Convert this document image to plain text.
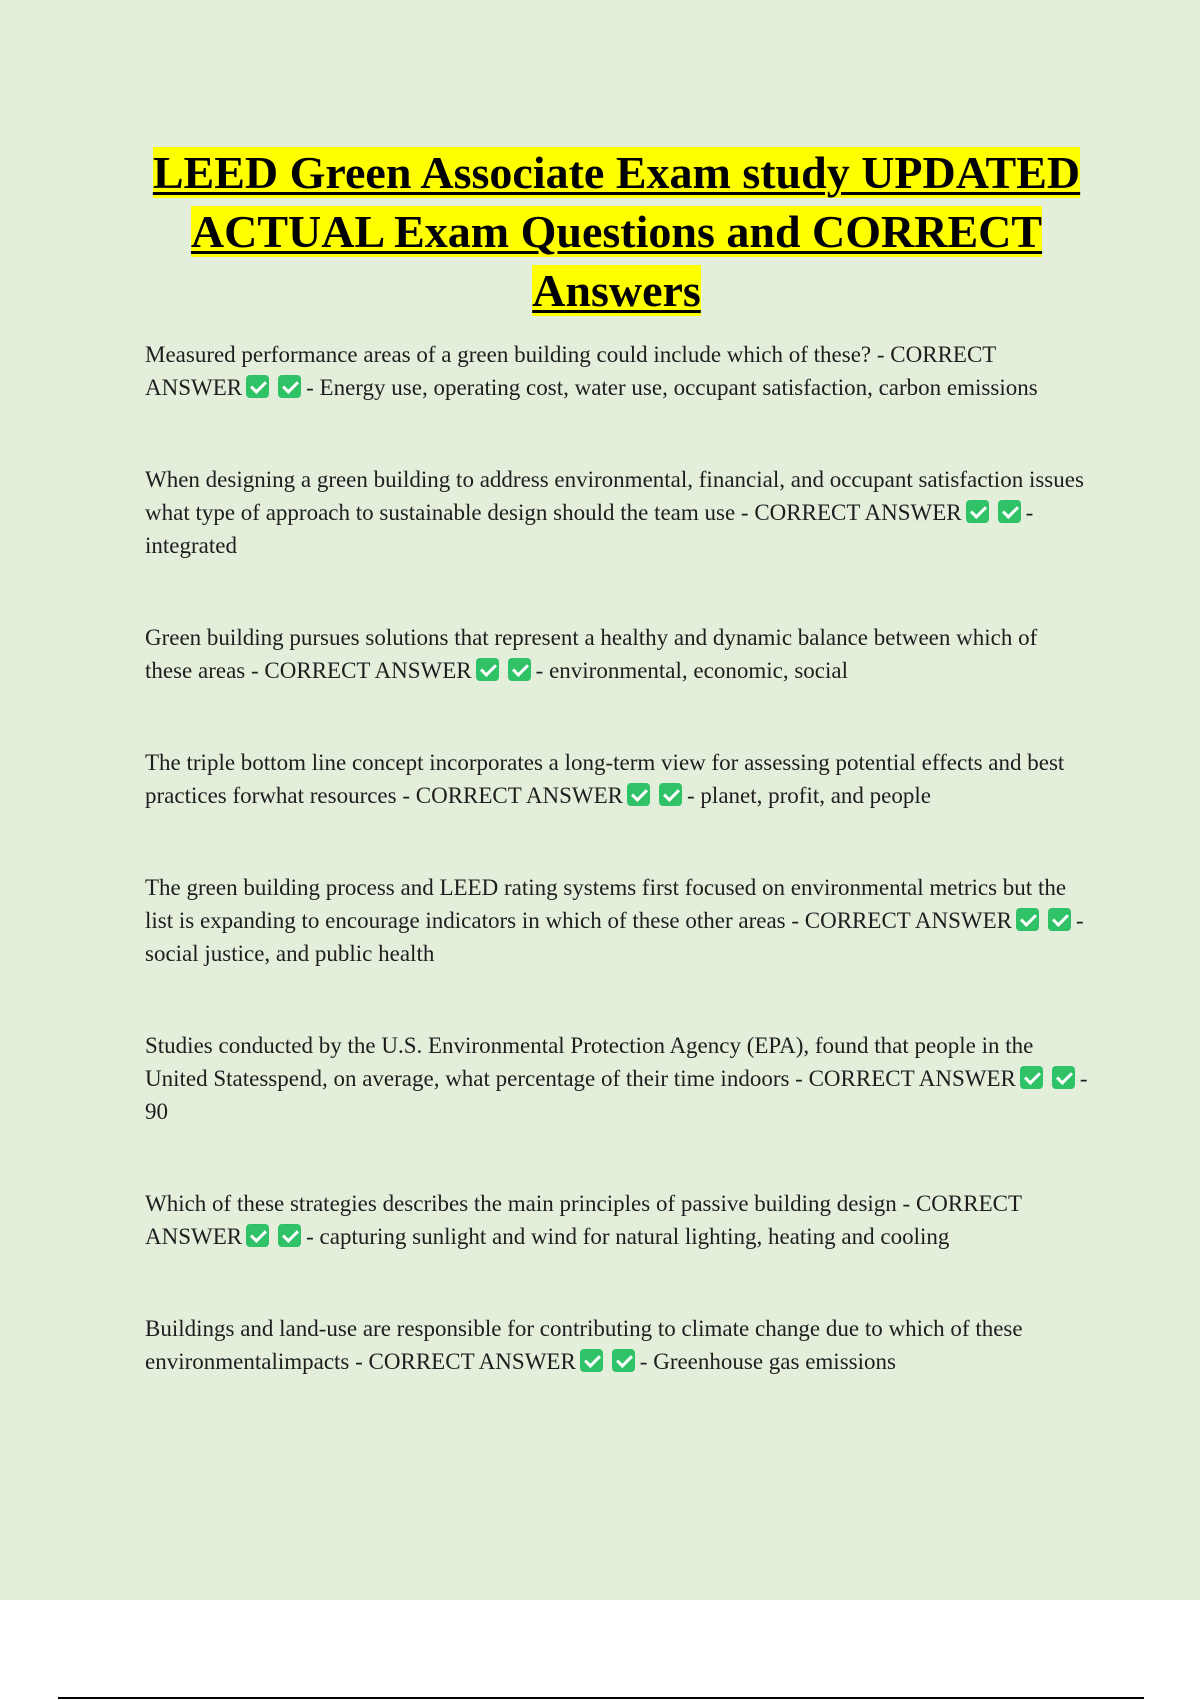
LEED Green Associate Exam study UPDATED ACTUAL Exam Questions and CORRECT Answers

Measured performance areas of a green building could include which of these? - CORRECT ANSWER	- Energy use, operating cost, water use, occupant satisfaction, carbon emissions

When designing a green building to address environmental, financial, and occupant satisfaction issues what type of approach to sustainable design should the team use - CORRECT ANSWER	- integrated

Green building pursues solutions that represent a healthy and dynamic balance between which of these areas - CORRECT ANSWER	- environmental, economic, social

The triple bottom line concept incorporates a long-term view for assessing potential effects and best practices forwhat resources - CORRECT ANSWER	- planet, profit, and people

The green building process and LEED rating systems first focused on environmental metrics but the list is expanding to encourage indicators in which of these other areas - CORRECT ANSWER	- social justice, and public health

Studies conducted by the U.S. Environmental Protection Agency (EPA), found that people in the United Statesspend, on average, what percentage of their time indoors - CORRECT ANSWER	- 90

Which of these strategies describes the main principles of passive building design - CORRECT ANSWER	- capturing sunlight and wind for natural lighting, heating and cooling

Buildings and land-use are responsible for contributing to climate change due to which of these environmentalimpacts - CORRECT ANSWER	- Greenhouse gas emissions
